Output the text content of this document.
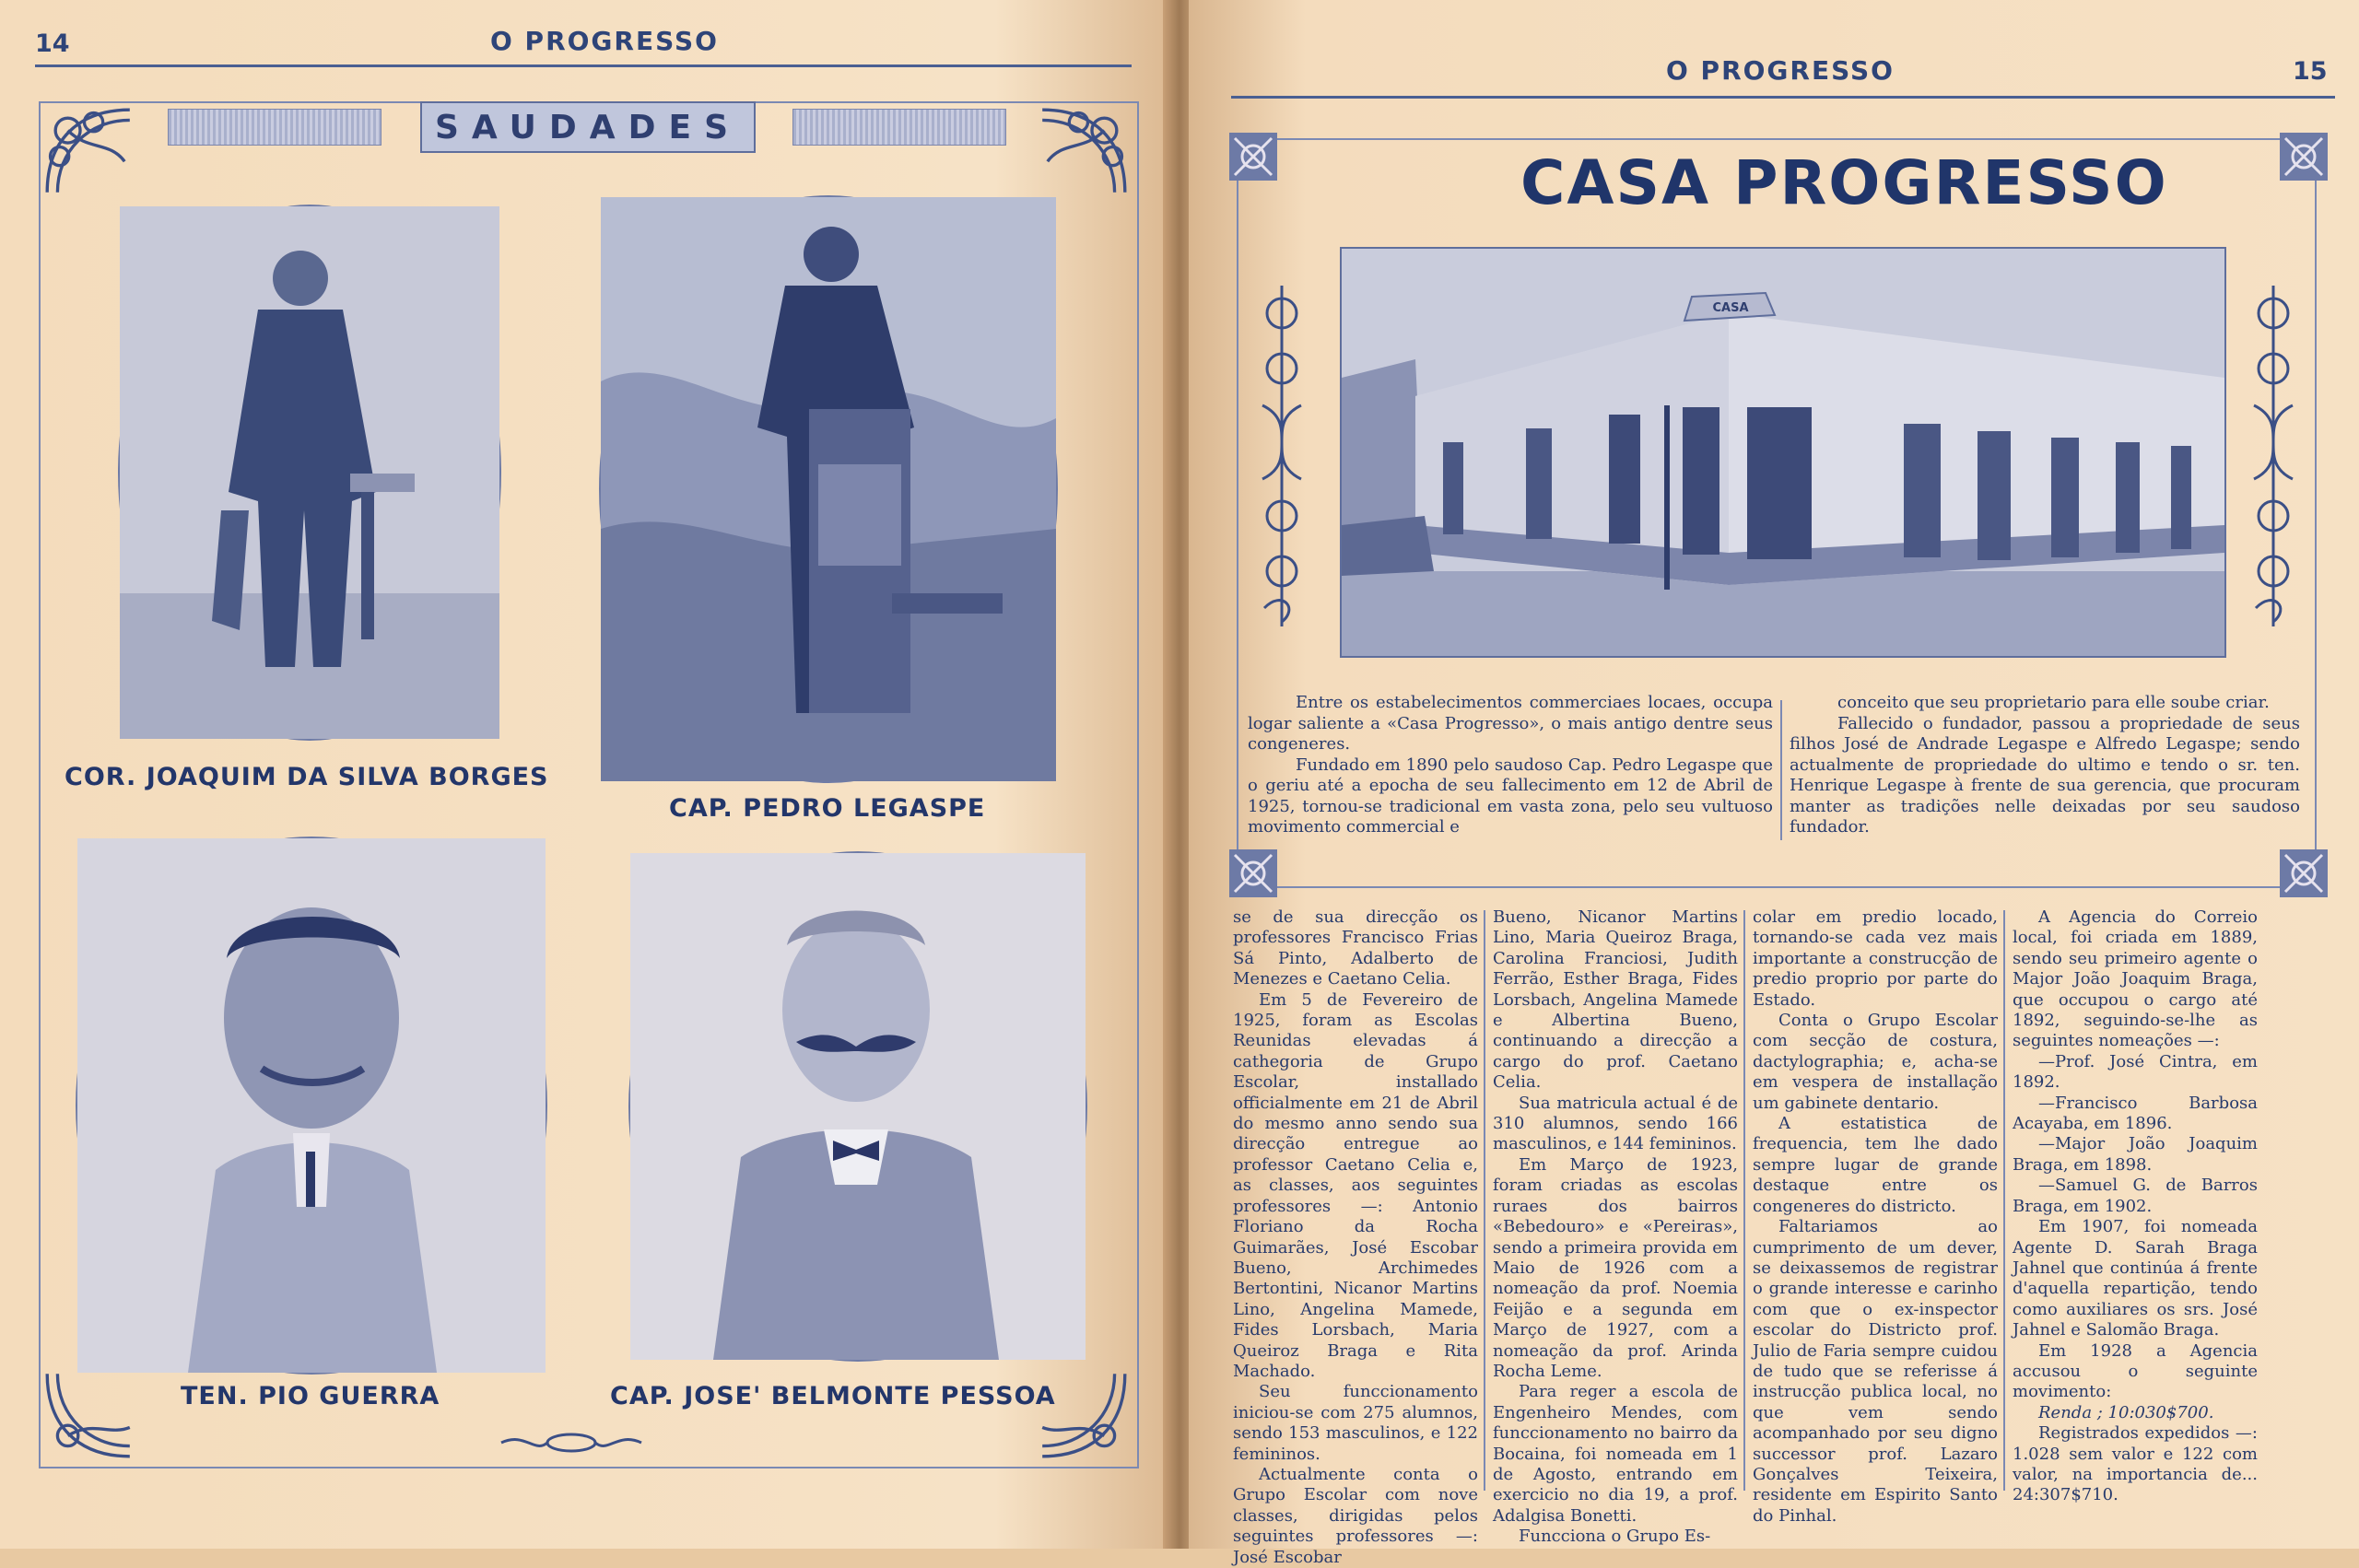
14	O PROGRESSO
SAUDADES
COR. JOAQUIM DA SILVA BORGES
CAP. PEDRO LEGASPE
TEN. PIO GUERRA	CAP. JOSE' BELMONTE PESSOA
O PROGRESSO	15
CASA PROGRESSO
CASA

Entre os estabelecimentos commerciaes locaes, occupa logar saliente a «Casa Progresso», o mais antigo dentre seus congeneres.

Fundado em 1890 pelo saudoso Cap. Pedro Legaspe que o geriu até a epocha de seu fallecimento em 12 de Abril de 1925, tornou-se tradicional em vasta zona, pelo seu vultuoso movimento commercial e

conceito que seu proprietario para elle soube criar.

Fallecido o fundador, passou a propriedade de seus filhos José de Andrade Legaspe e Alfredo Legaspe; sendo actualmente de propriedade do ultimo e tendo o sr. ten. Henrique Legaspe à frente de sua gerencia, que procuram manter as tradições nelle deixadas por seu saudoso fundador.

se de sua direcção os professores Francisco Frias Sá Pinto, Adalberto de Menezes e Caetano Celia.

Em 5 de Fevereiro de 1925, foram as Escolas Reunidas elevadas á cathegoria de Grupo Escolar, installado officialmente em 21 de Abril do mesmo anno sendo sua direcção entregue ao professor Caetano Celia e, as classes, aos seguintes professores —: Antonio Floriano da Rocha Guimarães, José Escobar Bueno, Archimedes Bertontini, Nicanor Martins Lino, Angelina Mamede, Fides Lorsbach, Maria Queiroz Braga e Rita Machado.

Seu funccionamento iniciou-se com 275 alumnos, sendo 153 masculinos, e 122 femininos.

Actualmente conta o Grupo Escolar com nove classes, dirigidas pelos seguintes professores —: José Escobar

Bueno, Nicanor Martins Lino, Maria Queiroz Braga, Carolina Franciosi, Judith Ferrão, Esther Braga, Fides Lorsbach, Angelina Mamede e Albertina Bueno, continuando a direcção a cargo do prof. Caetano Celia.

Sua matricula actual é de 310 alumnos, sendo 166 masculinos, e 144 femininos.

Em Março de 1923, foram criadas as escolas ruraes dos bairros «Bebedouro» e «Pereiras», sendo a primeira provida em Maio de 1926 com a nomeação da prof. Noemia Feijão e a segunda em Março de 1927, com a nomeação da prof. Arinda Rocha Leme.

Para reger a escola de Engenheiro Mendes, com funccionamento no bairro da Bocaina, foi nomeada em 1 de Agosto, entrando em exercicio no dia 19, a prof. Adalgisa Bonetti.

Funcciona o Grupo Es-

colar em predio locado, tornando-se cada vez mais importante a construcção de predio proprio por parte do Estado.

Conta o Grupo Escolar com secção de costura, dactylographia; e, acha-se em vespera de installação um gabinete dentario.

A estatistica de frequencia, tem lhe dado sempre lugar de grande destaque entre os congeneres do districto.

Faltariamos ao cumprimento de um dever, se deixassemos de registrar o grande interesse e carinho com que o ex-inspector escolar do Districto prof. Julio de Faria sempre cuidou de tudo que se referisse á instrucção publica local, no que vem sendo acompanhado por seu digno successor prof. Lazaro Gonçalves Teixeira, residente em Espirito Santo do Pinhal.

A Agencia do Correio local, foi criada em 1889, sendo seu primeiro agente o Major João Joaquim Braga, que occupou o cargo até 1892, seguindo-se-lhe as seguintes nomeações —:

—Prof. José Cintra, em 1892.

—Francisco Barbosa Acayaba, em 1896.

—Major João Joaquim Braga, em 1898.

—Samuel G. de Barros Braga, em 1902.

Em 1907, foi nomeada Agente D. Sarah Braga Jahnel que continúa á frente d'aquella repartição, tendo como auxiliares os srs. José Jahnel e Salomão Braga.

Em 1928 a Agencia accusou o seguinte movimento:

Renda ; 10:030$700.

Registrados expedidos —: 1.028 sem valor e 122 com valor, na importancia de... 24:307$710.
